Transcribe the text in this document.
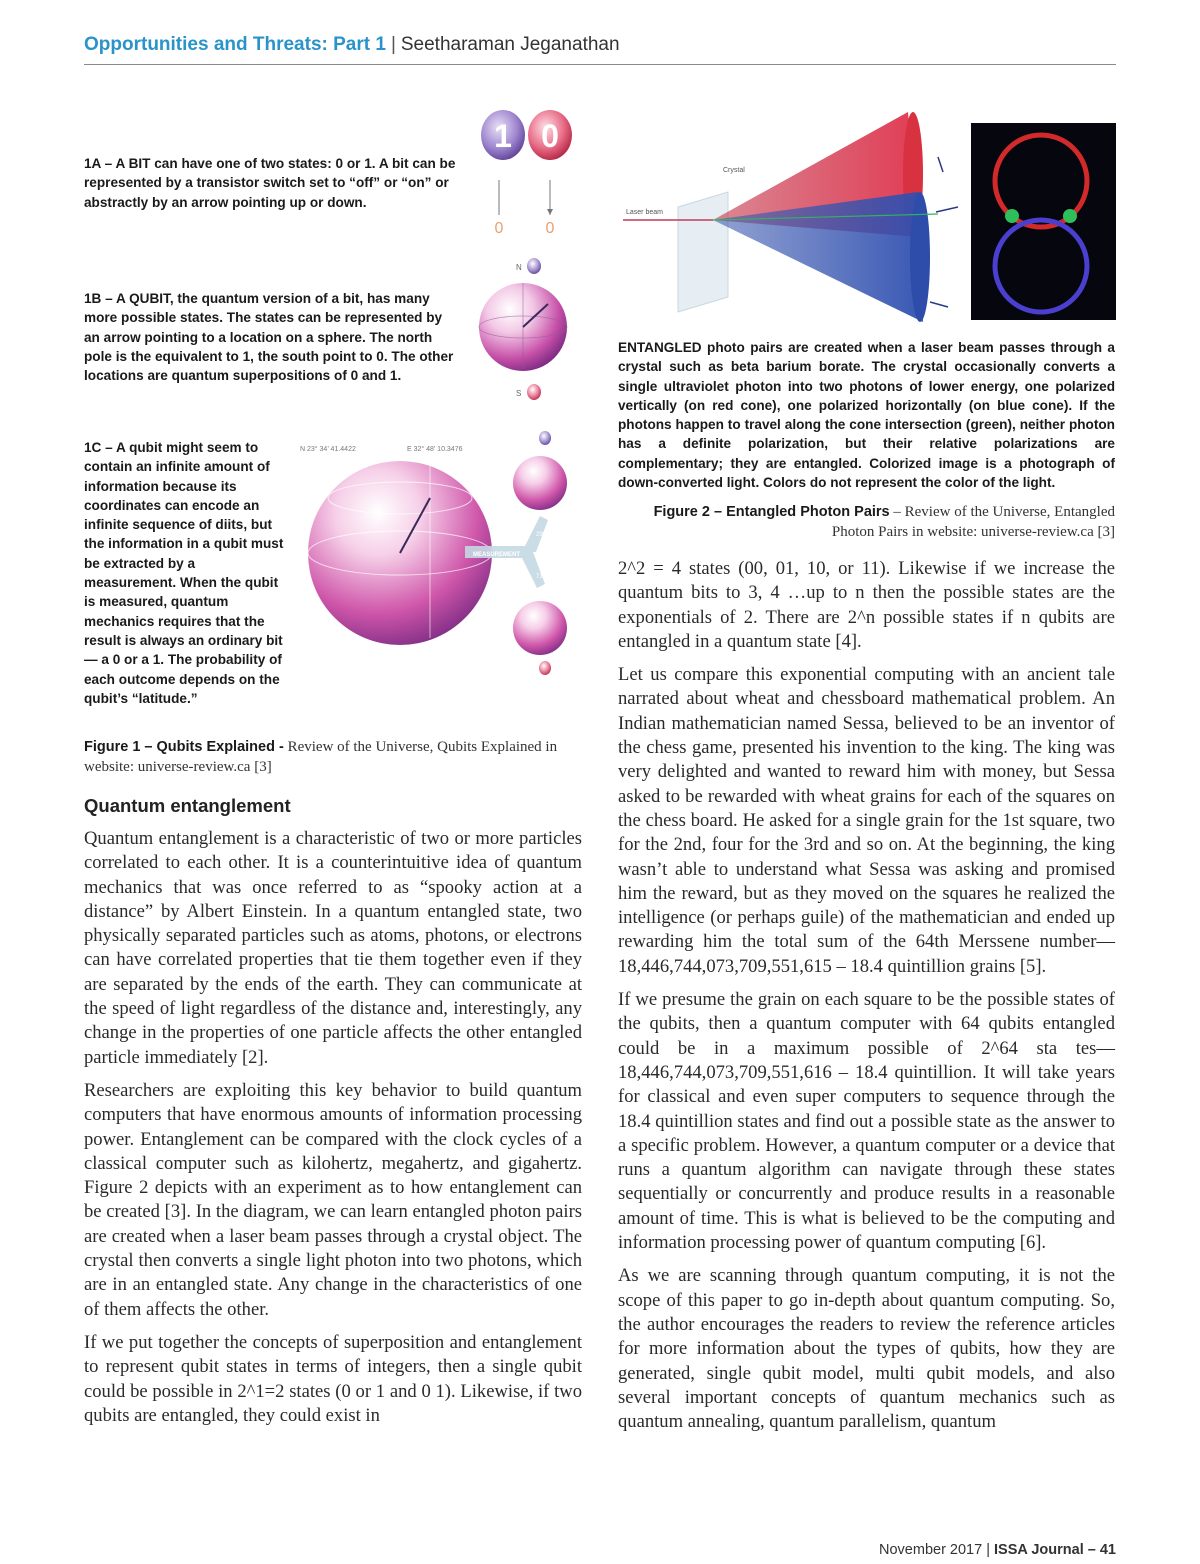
Opportunities and Threats: Part 1 | Seetharaman Jeganathan
1A – A BIT can have one of two states: 0 or 1. A bit can be represented by a transistor switch set to “off” or “on” or abstractly by an arrow pointing up or down.
1B – A QUBIT, the quantum version of a bit, has many more possible states. The states can be represented by an arrow pointing to a location on a sphere. The north pole is the equivalent to 1, the south point to 0. The other locations are quantum superpositions of 0 and 1.
1C – A qubit might seem to contain an infinite amount of information because its coordinates can encode an infinite sequence of diits, but the information in a qubit must be extracted by a measurement. When the qubit is measured, quantum mechanics requires that the result is always an ordinary bit— a 0 or a 1. The probability of each outcome depends on the qubit’s “latitude.”
1 0
0	0
N
S
N 23° 34’ 41.4422	E 32° 48’ 10.3476
MEASUREMENT
29%
71%
Figure 1 – Qubits Explained - Review of the Universe, Qubits Explained in website: universe-review.ca [3]
Crystal
Laser beam
ENTANGLED photo pairs are created when a laser beam passes through a crystal such as beta barium borate. The crystal occasionally converts a single ultraviolet photon into two photons of lower energy, one polarized vertically (on red cone), one polarized horizontally (on blue cone). If the photons happen to travel along the cone intersection (green), neither photon has a definite polarization, but their relative polarizations are complementary; they are entangled. Colorized image is a photograph of down-converted light. Colors do not represent the color of the light.
Figure 2 – Entangled Photon Pairs – Review of the Universe, Entangled Photon Pairs in website: universe-review.ca [3]
Quantum entanglement

Quantum entanglement is a characteristic of two or more particles correlated to each other. It is a counterintuitive idea of quantum mechanics that was once referred to as “spooky action at a distance” by Albert Einstein. In a quantum entangled state, two physically separated particles such as atoms, photons, or electrons can have correlated properties that tie them together even if they are separated by the ends of the earth. They can communicate at the speed of light regardless of the distance and, interestingly, any change in the properties of one particle affects the other entangled particle immediately [2].

Researchers are exploiting this key behavior to build quantum computers that have enormous amounts of information processing power. Entanglement can be compared with the clock cycles of a classical computer such as kilohertz, megahertz, and gigahertz. Figure 2 depicts with an experiment as to how entanglement can be created [3]. In the diagram, we can learn entangled photon pairs are created when a laser beam passes through a crystal object. The crystal then converts a single light photon into two photons, which are in an entangled state. Any change in the characteristics of one of them affects the other.

If we put together the concepts of superposition and entanglement to represent qubit states in terms of integers, then a single qubit could be possible in 2^1=2 states (0 or 1 and 0 1). Likewise, if two qubits are entangled, they could exist in

2^2 = 4 states (00, 01, 10, or 11). Likewise if we increase the quantum bits to 3, 4 …up to n then the possible states are the exponentials of 2. There are 2^n possible states if n qubits are entangled in a quantum state [4].

Let us compare this exponential computing with an ancient tale narrated about wheat and chessboard mathematical problem. An Indian mathematician named Sessa, believed to be an inventor of the chess game, presented his invention to the king. The king was very delighted and wanted to reward him with money, but Sessa asked to be rewarded with wheat grains for each of the squares on the chess board. He asked for a single grain for the 1st square, two for the 2nd, four for the 3rd and so on. At the beginning, the king wasn’t able to understand what Sessa was asking and promised him the reward, but as they moved on the squares he realized the intelligence (or perhaps guile) of the mathematician and ended up rewarding him the total sum of the 64th Merssene number—18,446,744,073,709,551,615 – 18.4 quintillion grains [5].

If we presume the grain on each square to be the possible states of the qubits, then a quantum computer with 64 qubits entangled could be in a maximum possible of 2^64 sta tes—18,446,744,073,709,551,616 – 18.4 quintillion. It will take years for classical and even super computers to sequence through the 18.4 quintillion states and find out a possible state as the answer to a specific problem. However, a quantum computer or a device that runs a quantum algorithm can navigate through these states sequentially or concurrently and produce results in a reasonable amount of time. This is what is believed to be the computing and information processing power of quantum computing [6].

As we are scanning through quantum computing, it is not the scope of this paper to go in-depth about quantum computing. So, the author encourages the readers to review the reference articles for more information about the types of qubits, how they are generated, single qubit model, multi qubit models, and also several important concepts of quantum mechanics such as quantum annealing, quantum parallelism, quantum

November 2017 | ISSA Journal – 41
